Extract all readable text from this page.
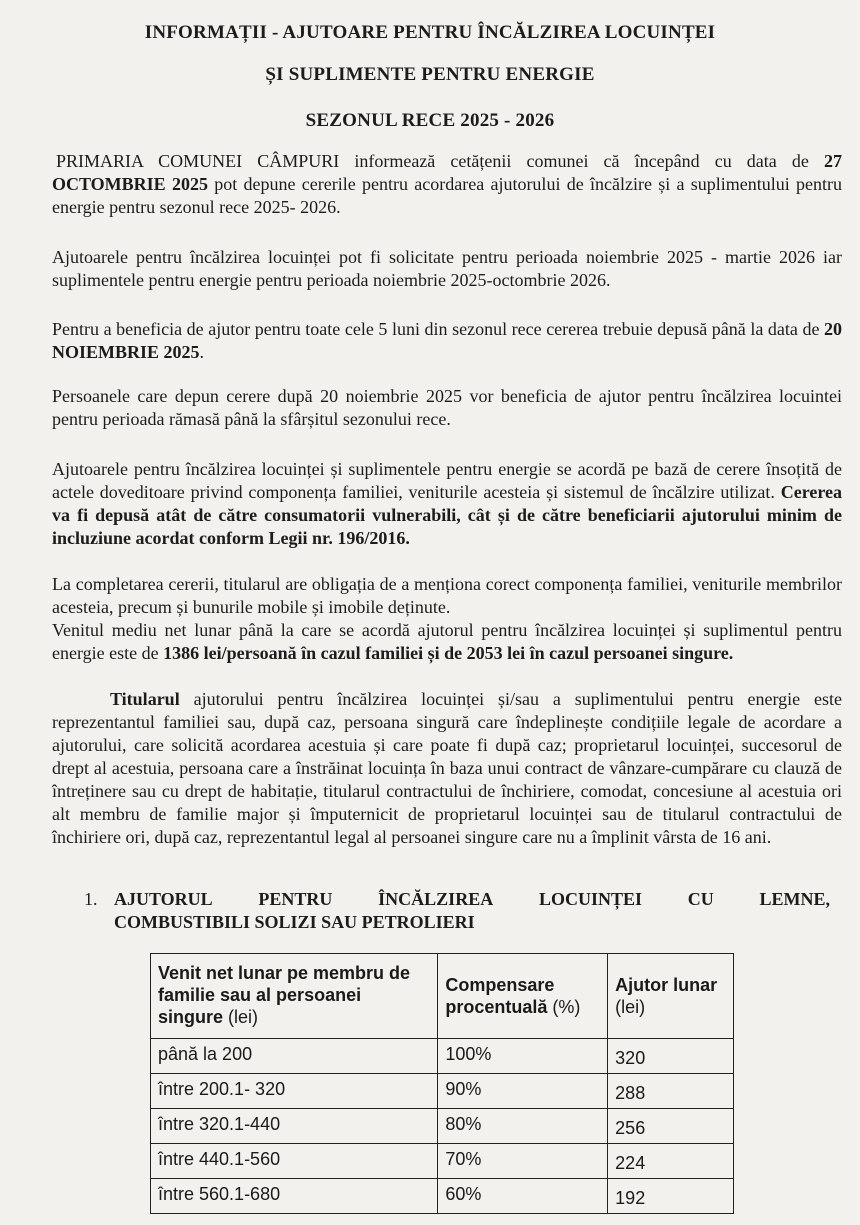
INFORMAȚII - AJUTOARE PENTRU ÎNCĂLZIREA LOCUINȚEI
ȘI SUPLIMENTE PENTRU ENERGIE
SEZONUL RECE 2025 - 2026
PRIMARIA COMUNEI CÂMPURI informează cetățenii comunei că începând cu data de 27 OCTOMBRIE 2025 pot depune cererile pentru acordarea ajutorului de încălzire și a suplimentului pentru energie pentru sezonul rece 2025- 2026.
Ajutoarele pentru încălzirea locuinței pot fi solicitate pentru perioada noiembrie 2025 - martie 2026 iar suplimentele pentru energie pentru perioada noiembrie 2025-octombrie 2026.
Pentru a beneficia de ajutor pentru toate cele 5 luni din sezonul rece cererea trebuie depusă până la data de 20 NOIEMBRIE 2025.
Persoanele care depun cerere după 20 noiembrie 2025 vor beneficia de ajutor pentru încălzirea locuintei pentru perioada rămasă până la sfârșitul sezonului rece.
Ajutoarele pentru încălzirea locuinței și suplimentele pentru energie se acordă pe bază de cerere însoțită de actele doveditoare privind componența familiei, veniturile acesteia și sistemul de încălzire utilizat. Cererea va fi depusă atât de către consumatorii vulnerabili, cât și de către beneficiarii ajutorului minim de incluziune acordat conform Legii nr. 196/2016.
La completarea cererii, titularul are obligația de a menționa corect componența familiei, veniturile membrilor acesteia, precum și bunurile mobile și imobile deținute.
Venitul mediu net lunar până la care se acordă ajutorul pentru încălzirea locuinței și suplimentul pentru energie este de 1386 lei/persoană în cazul familiei și de 2053 lei în cazul persoanei singure.
Titularul ajutorului pentru încălzirea locuinței și/sau a suplimentului pentru energie este reprezentantul familiei sau, după caz, persoana singură care îndeplinește condițiile legale de acordare a ajutorului, care solicită acordarea acestuia și care poate fi după caz; proprietarul locuinței, succesorul de drept al acestuia, persoana care a înstrăinat locuința în baza unui contract de vânzare-cumpărare cu clauză de întreținere sau cu drept de habitație, titularul contractului de închiriere, comodat, concesiune al acestuia ori alt membru de familie major și împuternicit de proprietarul locuinței sau de titularul contractului de închiriere ori, după caz, reprezentantul legal al persoanei singure care nu a împlinit vârsta de 16 ani.
1. AJUTORUL	PENTRU	ÎNCĂLZIREA	LOCUINȚEI	CU	LEMNE,
COMBUSTIBILI SOLIZI SAU PETROLIERI
Venit net lunar pe membru de familie sau al persoanei singure (lei)	Compensare procentuală (%)	Ajutor lunar (lei)
până la 200	100%	320
între 200.1- 320	90%	288
între 320.1-440	80%	256
între 440.1-560	70%	224
între 560.1-680	60%	192
